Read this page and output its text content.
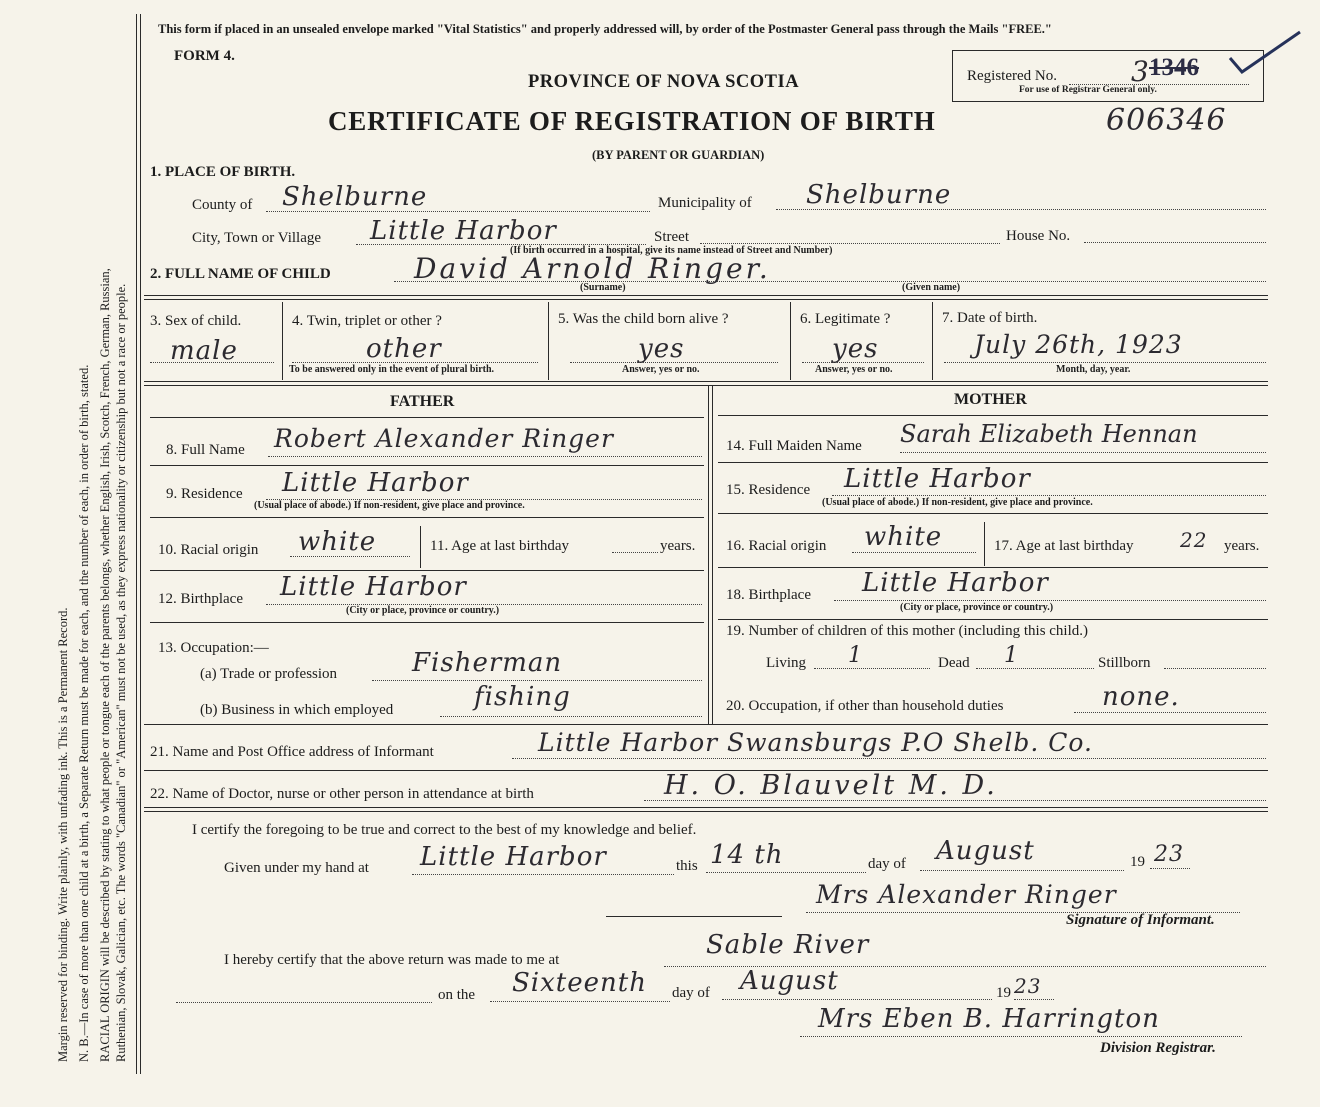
Margin reserved for binding. Write plainly, with unfading ink. This is a Permanent Record. N. B.—In case of more than one child at a birth, a Separate Return must be made for each, and the number of each, in order of birth, stated. RACIAL ORIGIN will be described by stating to what people or tongue each of the parents belongs, whether English, Irish, Scotch, French, German, Russian, Ruthenian, Slovak, Galician, etc. The words "Canadian" or "American" must not be used, as they express nationality or citizenship but not a race or people.
This form if placed in an unsealed envelope marked "Vital Statistics" and properly addressed will, by order of the Postmaster General pass through the Mails "FREE."
FORM 4.
PROVINCE OF NOVA SCOTIA
CERTIFICATE OF REGISTRATION OF BIRTH	606346
(BY PARENT OR GUARDIAN)
Registered No.	3 1346
For use of Registrar General only.
1. PLACE OF BIRTH.
County of Shelburne	Municipality of Shelburne
City, Town or Village Little Harbor	Street
(If birth occurred in a hospital, give its name instead of Street and Number)
House No.
2. FULL NAME OF CHILD	David Arnold Ringer.
(Surname)	(Given name)
3. Sex of child.
male
4. Twin, triplet or other ?
other
To be answered only in the event of plural birth.
5. Was the child born alive ?
yes
Answer, yes or no.
6. Legitimate ?
yes
Answer, yes or no.
7. Date of birth.
July 26th, 1923
Month, day, year.
FATHER	MOTHER
8. Full Name Robert Alexander Ringer
9. Residence Little Harbor
(Usual place of abode.) If non-resident, give place and province.
10. Racial origin white	11. Age at last birthday	years.
12. Birthplace Little Harbor
(City or place, province or country.)
13. Occupation:—
(a) Trade or profession	Fisherman
(b) Business in which employed	fishing
14. Full Maiden Name Sarah Elizabeth Hennan
15. Residence Little Harbor
(Usual place of abode.) If non-resident, give place and province.
16. Racial origin white	17. Age at last birthday 22 years.
18. Birthplace Little Harbor
(City or place, province or country.)
19. Number of children of this mother (including this child.)
Living 1	Dead 1	Stillborn
20. Occupation, if other than household duties	none.
21. Name and Post Office address of Informant	Little Harbor Swansburgs P.O Shelb. Co.
22. Name of Doctor, nurse or other person in attendance at birth	H. O. Blauvelt M. D.
I certify the foregoing to be true and correct to the best of my knowledge and belief.
Given under my hand at Little Harbor	this 14 th	day of August	19 23
Mrs Alexander Ringer
Signature of Informant.
I hereby certify that the above return was made to me at	Sable River
on the Sixteenth day of August	19 23
Mrs Eben B. Harrington
Division Registrar.
